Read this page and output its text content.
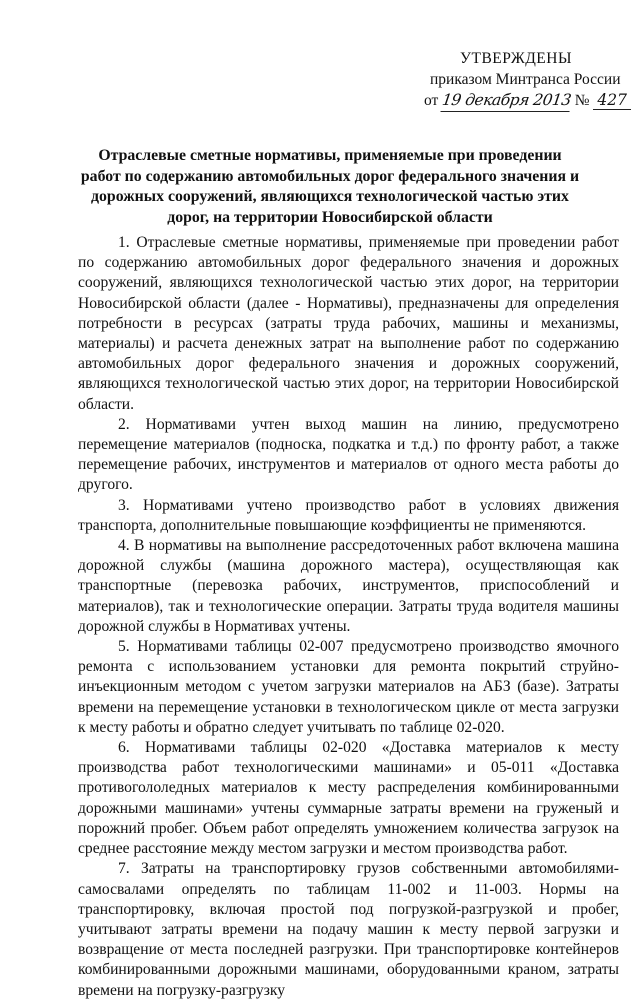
УТВЕРЖДЕНЫ
приказом Минтранса России
от 19 декабря 2013 № 427
Отраслевые сметные нормативы, применяемые при проведении работ по содержанию автомобильных дорог федерального значения и дорожных сооружений, являющихся технологической частью этих дорог, на территории Новосибирской области

1. Отраслевые сметные нормативы, применяемые при проведении работ по содержанию автомобильных дорог федерального значения и дорожных сооружений, являющихся технологической частью этих дорог, на территории Новосибирской области (далее - Нормативы), предназначены для определения потребности в ресурсах (затраты труда рабочих, машины и механизмы, материалы) и расчета денежных затрат на выполнение работ по содержанию автомобильных дорог федерального значения и дорожных сооружений, являющихся технологической частью этих дорог, на территории Новосибирской области.

2. Нормативами учтен выход машин на линию, предусмотрено перемещение материалов (подноска, подкатка и т.д.) по фронту работ, а также перемещение рабочих, инструментов и материалов от одного места работы до другого.

3. Нормативами учтено производство работ в условиях движения транспорта, дополнительные повышающие коэффициенты не применяются.

4. В нормативы на выполнение рассредоточенных работ включена машина дорожной службы (машина дорожного мастера), осуществляющая как транспортные (перевозка рабочих, инструментов, приспособлений и материалов), так и технологические операции. Затраты труда водителя машины дорожной службы в Нормативах учтены.

5. Нормативами таблицы 02-007 предусмотрено производство ямочного ремонта с использованием установки для ремонта покрытий струйно-инъекционным методом с учетом загрузки материалов на АБЗ (базе). Затраты времени на перемещение установки в технологическом цикле от места загрузки к месту работы и обратно следует учитывать по таблице 02-020.

6. Нормативами таблицы 02-020 «Доставка материалов к месту производства работ технологическими машинами» и 05-011 «Доставка противогололедных материалов к месту распределения комбинированными дорожными машинами» учтены суммарные затраты времени на груженый и порожний пробег. Объем работ определять умножением количества загрузок на среднее расстояние между местом загрузки и местом производства работ.

7. Затраты на транспортировку грузов собственными автомобилями-самосвалами определять по таблицам 11-002 и 11-003. Нормы на транспортировку, включая простой под погрузкой-разгрузкой и пробег, учитывают затраты времени на подачу машин к месту первой загрузки и возвращение от места последней разгрузки. При транспортировке контейнеров комбинированными дорожными машинами, оборудованными краном, затраты времени на погрузку-разгрузку
